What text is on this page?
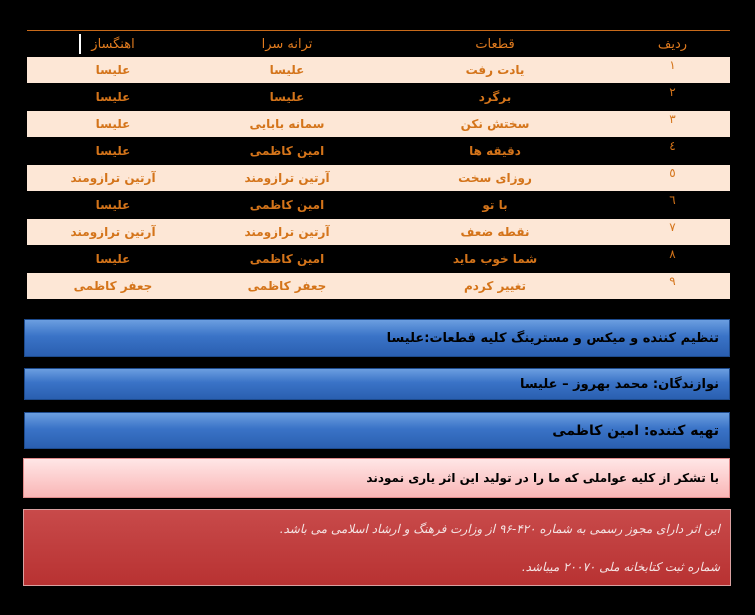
ردیف	قطعات	ترانه سرا	اهنگساز

۱	یادت رفت	علیسا	علیسا
۲	برگرد	علیسا	علیسا
۳	سختش نکن	سمانه بابایی	علیسا
٤	دقیقه ها	امین کاظمی	علیسا
٥	روزای سخت	آرتین ترازومند	آرتین ترازومند
٦	با تو	امین کاظمی	علیسا
۷	نقطه ضعف	آرتین ترازومند	آرتین ترازومند
۸	شما خوب ماید	امین کاظمی	علیسا
۹	تغییر کردم	جعفر کاظمی	جعفر کاظمی
تنظیم کننده و میکس و مسترینگ کلیه قطعات:علیسا
نوازندگان: محمد بهروز – علیسا
تهیه کننده: امین کاظمی
با تشکر از کلیه عواملی که ما را در تولید این اثر یاری نمودند
این اثر دارای مجوز رسمی به شماره ۴۲۰-۹۶ از وزارت فرهنگ و ارشاد اسلامی می باشد.
شماره ثبت کتابخانه ملی ۲۰۰۷۰ میباشد.
